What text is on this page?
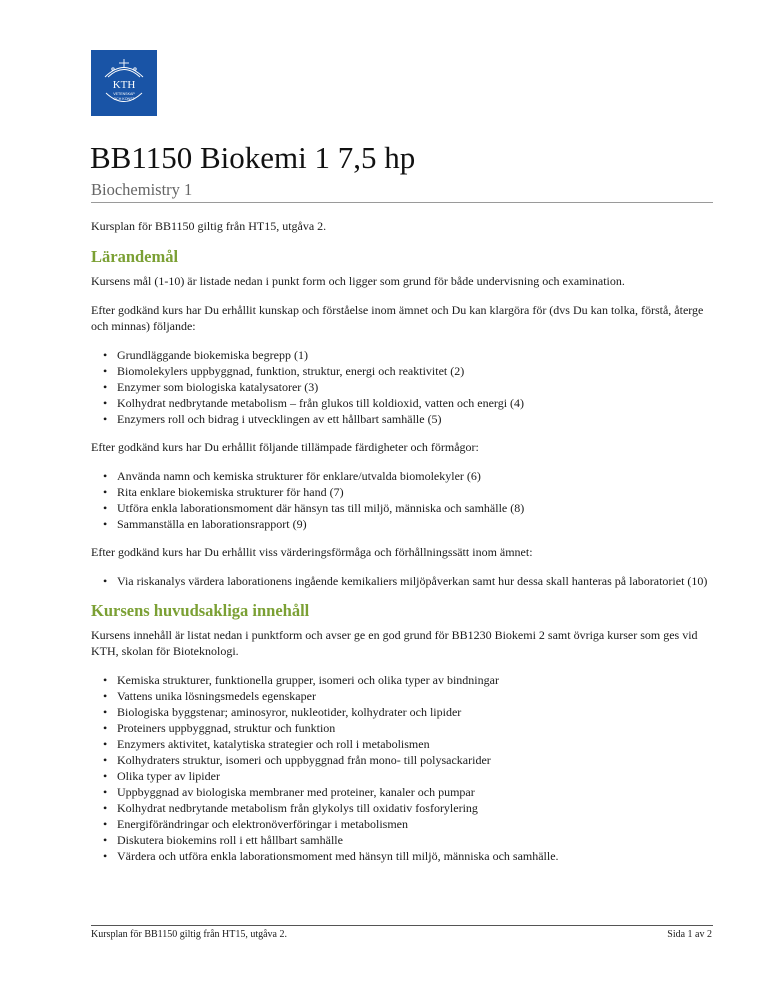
KTH
VETENSKAP
OCH KONST
BB1150 Biokemi 1 7,5 hp
Biochemistry 1

Kursplan för BB1150 giltig från HT15, utgåva 2.

Lärandemål

Kursens mål (1-10) är listade nedan i punkt form och ligger som grund för både undervisning och examination.

Efter godkänd kurs har Du erhållit kunskap och förståelse inom ämnet och Du kan klargöra för (dvs Du kan tolka, förstå, återge och minnas) följande:

• Grundläggande biokemiska begrepp (1)
• Biomolekylers uppbyggnad, funktion, struktur, energi och reaktivitet (2)
• Enzymer som biologiska katalysatorer (3)
• Kolhydrat nedbrytande metabolism – från glukos till koldioxid, vatten och energi (4)
• Enzymers roll och bidrag i utvecklingen av ett hållbart samhälle (5)

Efter godkänd kurs har Du erhållit följande tillämpade färdigheter och förmågor:

• Använda namn och kemiska strukturer för enklare/utvalda biomolekyler (6)
• Rita enklare biokemiska strukturer för hand (7)
• Utföra enkla laborationsmoment där hänsyn tas till miljö, människa och samhälle (8)
• Sammanställa en laborationsrapport (9)

Efter godkänd kurs har Du erhållit viss värderingsförmåga och förhållningssätt inom ämnet:

• Via riskanalys värdera laborationens ingående kemikaliers miljöpåverkan samt hur dessa skall hanteras på laboratoriet (10)
Kursens huvudsakliga innehåll

Kursens innehåll är listat nedan i punktform och avser ge en god grund för BB1230 Biokemi 2 samt övriga kurser som ges vid KTH, skolan för Bioteknologi.

• Kemiska strukturer, funktionella grupper, isomeri och olika typer av bindningar
• Vattens unika lösningsmedels egenskaper
• Biologiska byggstenar; aminosyror, nukleotider, kolhydrater och lipider
• Proteiners uppbyggnad, struktur och funktion
• Enzymers aktivitet, katalytiska strategier och roll i metabolismen
• Kolhydraters struktur, isomeri och uppbyggnad från mono- till polysackarider
• Olika typer av lipider
• Uppbyggnad av biologiska membraner med proteiner, kanaler och pumpar
• Kolhydrat nedbrytande metabolism från glykolys till oxidativ fosforylering
• Energiförändringar och elektronöverföringar i metabolismen
• Diskutera biokemins roll i ett hållbart samhälle
• Värdera och utföra enkla laborationsmoment med hänsyn till miljö, människa och samhälle.
Kursplan för BB1150 giltig från HT15, utgåva 2.	Sida 1 av 2
